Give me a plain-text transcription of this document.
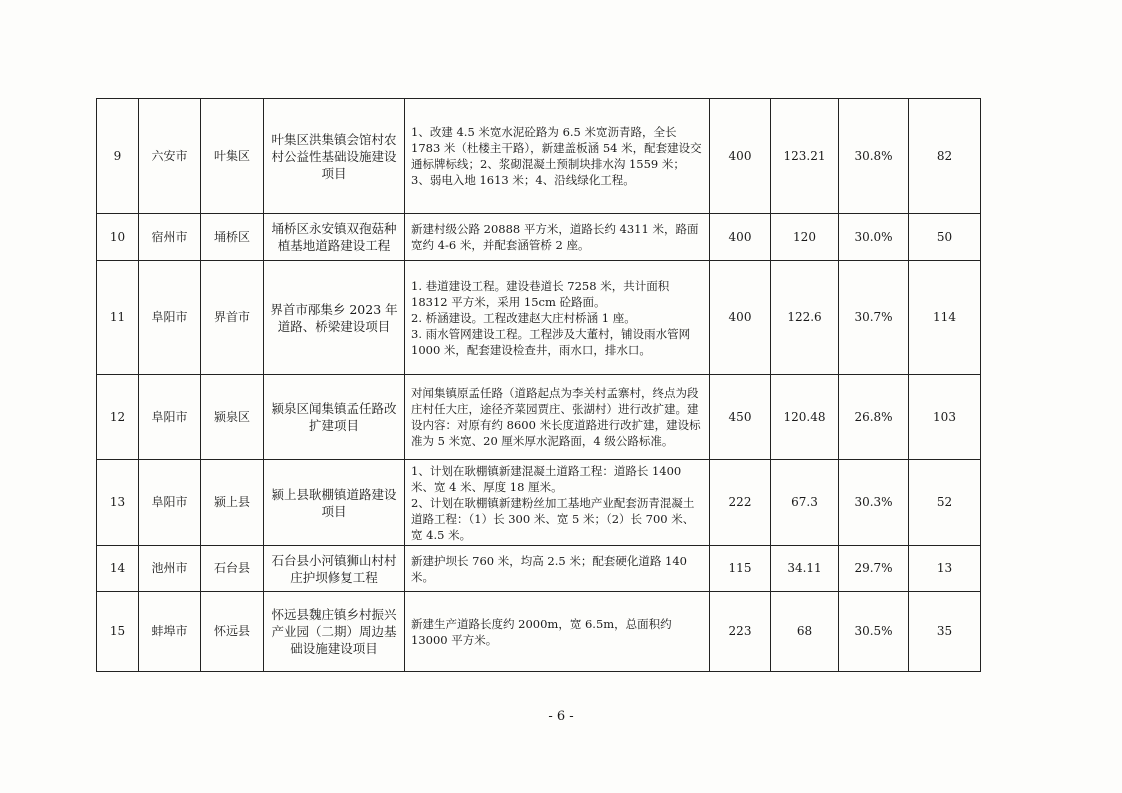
9	六安市	叶集区	叶集区洪集镇会馆村农村公益性基础设施建设项目	1、改建 4.5 米宽水泥砼路为 6.5 米宽沥青路，全长 1783 米（杜楼主干路），新建盖板涵 54 米，配套建设交通标牌标线；2、浆砌混凝土预制块排水沟 1559 米；3、弱电入地 1613 米；4、沿线绿化工程。	400	123.21	30.8%	82
10	宿州市	埇桥区	埇桥区永安镇双孢菇种植基地道路建设工程	新建村级公路 20888 平方米，道路长约 4311 米，路面宽约 4-6 米，并配套涵管桥 2 座。	400	120	30.0%	50
11	阜阳市	界首市	界首市邴集乡 2023 年道路、桥梁建设项目	1. 巷道建设工程。建设巷道长 7258 米，共计面积 18312 平方米，采用 15cm 砼路面。
2. 桥涵建设。工程改建赵大庄村桥涵 1 座。
3. 雨水管网建设工程。工程涉及大董村，铺设雨水管网 1000 米，配套建设检查井，雨水口，排水口。	400	122.6	30.7%	114
12	阜阳市	颍泉区	颍泉区闻集镇孟任路改扩建项目	对闻集镇原孟任路（道路起点为李关村孟寨村，终点为段庄村任大庄，途径齐菜园贾庄、张湖村）进行改扩建。建设内容：对原有约 8600 米长度道路进行改扩建，建设标准为 5 米宽、20 厘米厚水泥路面，4 级公路标准。	450	120.48	26.8%	103
13	阜阳市	颍上县	颍上县耿棚镇道路建设项目	1、计划在耿棚镇新建混凝土道路工程：道路长 1400 米、宽 4 米、厚度 18 厘米。
2、计划在耿棚镇新建粉丝加工基地产业配套沥青混凝土道路工程：（1）长 300 米、宽 5 米；（2）长 700 米、宽 4.5 米。	222	67.3	30.3%	52
14	池州市	石台县	石台县小河镇狮山村村庄护坝修复工程	新建护坝长 760 米，均高 2.5 米；配套硬化道路 140 米。	115	34.11	29.7%	13
15	蚌埠市	怀远县	怀远县魏庄镇乡村振兴产业园（二期）周边基础设施建设项目	新建生产道路长度约 2000m，宽 6.5m，总面积约 13000 平方米。	223	68	30.5%	35
- 6 -
